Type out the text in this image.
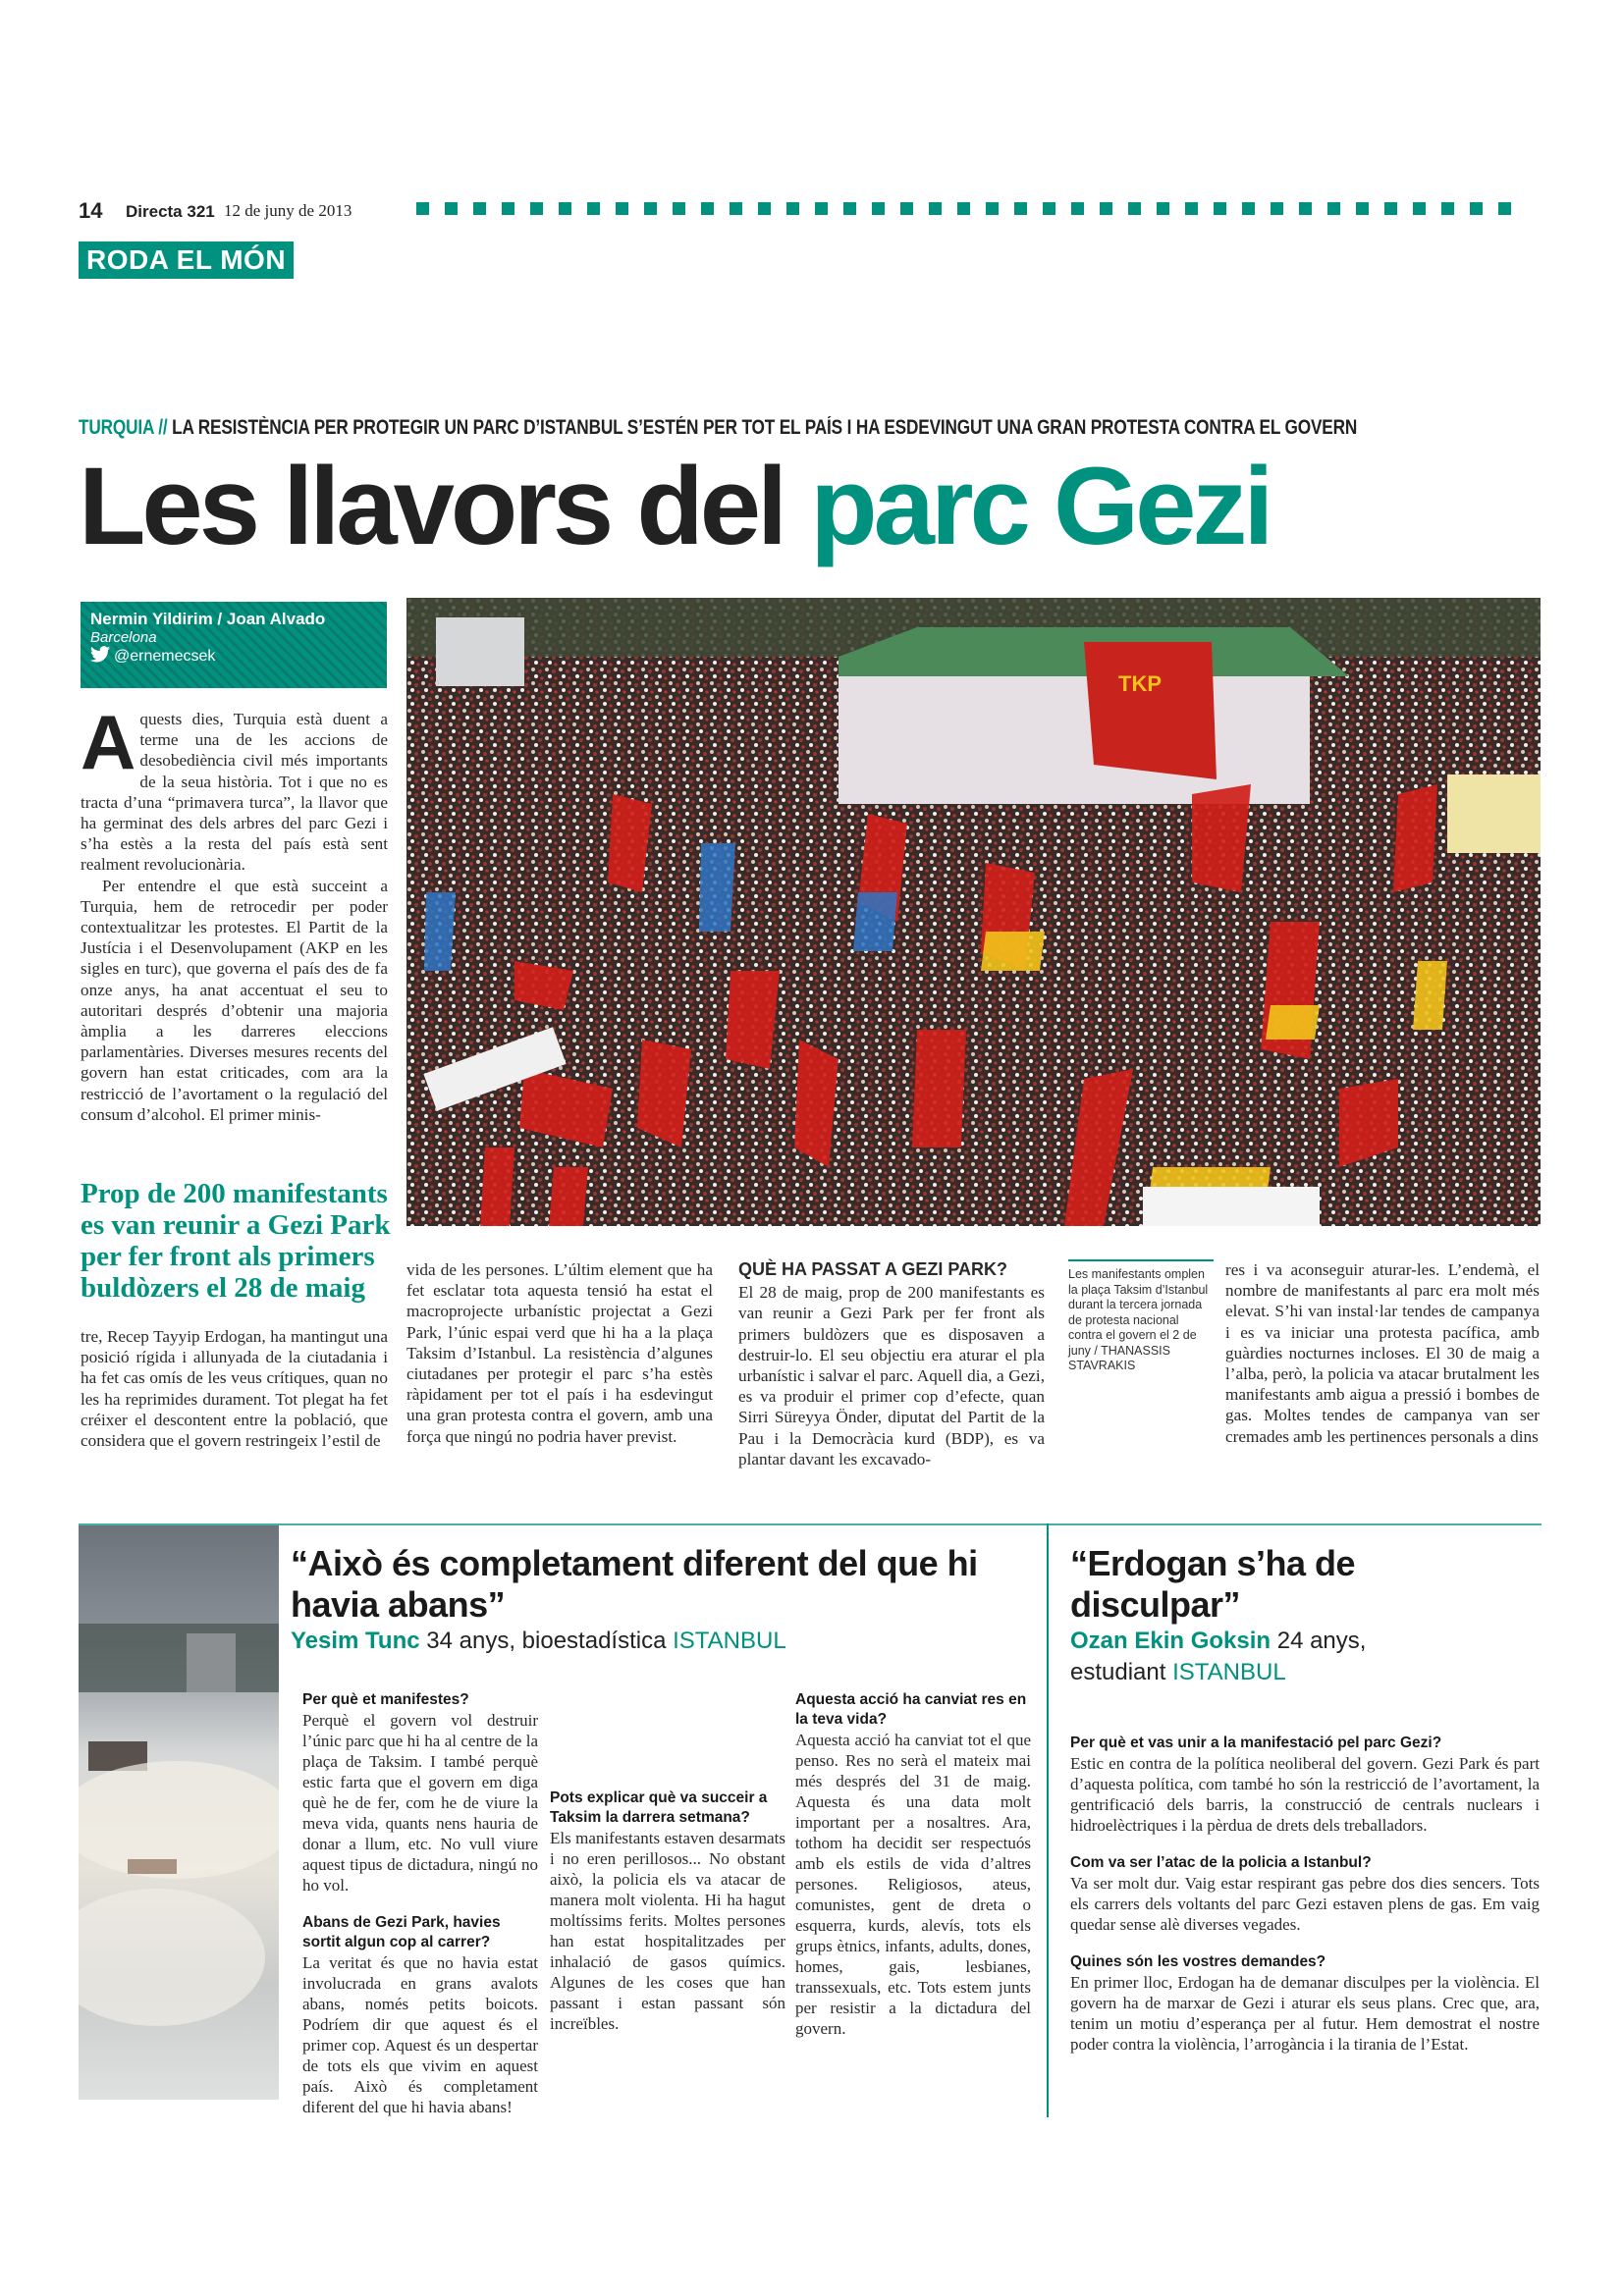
14 Directa 321 12 de juny de 2013
RODA EL MÓN
TURQUIA // LA RESISTÈNCIA PER PROTEGIR UN PARC D’ISTANBUL S’ESTÉN PER TOT EL PAÍS I HA ESDEVINGUT UNA GRAN PROTESTA CONTRA EL GOVERN
Les llavors del parc Gezi
Nermin Yildirim / Joan Alvado
Barcelona
@ernemecsek
Aquests dies, Turquia està duent a terme una de les accions de desobediència civil més importants de la seua història. Tot i que no es tracta d’una “primavera turca”, la llavor que ha germinat des dels arbres del parc Gezi i s’ha estès a la resta del país està sent realment revolucionària.
Per entendre el que està succeint a Turquia, hem de retrocedir per poder contextualitzar les protestes. El Partit de la Justícia i el Desenvolupament (AKP en les sigles en turc), que governa el país des de fa onze anys, ha anat accentuat el seu to autoritari després d’obtenir una majoria àmplia a les darreres eleccions parlamentàries. Diverses mesures recents del govern han estat criticades, com ara la restricció de l’avortament o la regulació del consum d’alcohol. El primer minis-
Prop de 200 manifestants es van reunir a Gezi Park per fer front als primers buldòzers el 28 de maig
tre, Recep Tayyip Erdogan, ha mantingut una posició rígida i allunyada de la ciutadania i ha fet cas omís de les veus crítiques, quan no les ha reprimides durament. Tot plegat ha fet créixer el descontent entre la població, que considera que el govern restringeix l’estil de
TKP
vida de les persones. L’últim element que ha fet esclatar tota aquesta tensió ha estat el macroprojecte urbanístic projectat a Gezi Park, l’únic espai verd que hi ha a la plaça Taksim d’Istanbul. La resistència d’algunes ciutadanes per protegir el parc s’ha estès ràpidament per tot el país i ha esdevingut una gran protesta contra el govern, amb una força que ningú no podria haver previst.
QUÈ HA PASSAT A GEZI PARK?
El 28 de maig, prop de 200 manifestants es van reunir a Gezi Park per fer front als primers buldòzers que es disposaven a destruir-lo. El seu objectiu era aturar el pla urbanístic i salvar el parc. Aquell dia, a Gezi, es va produir el primer cop d’efecte, quan Sirri Süreyya Önder, diputat del Partit de la Pau i la Democràcia kurd (BDP), es va plantar davant les excavado-
Les manifestants omplen la plaça Taksim d’Istanbul durant la tercera jornada de protesta nacional contra el govern el 2 de juny / THANASSIS STAVRAKIS
res i va aconseguir aturar-les. L’endemà, el nombre de manifestants al parc era molt més elevat. S’hi van instal·lar tendes de campanya i es va iniciar una protesta pacífica, amb guàrdies nocturnes incloses. El 30 de maig a l’alba, però, la policia va atacar brutalment les manifestants amb aigua a pressió i bombes de gas. Moltes tendes de campanya van ser cremades amb les pertinences personals a dins
“Això és completament diferent del que hi havia abans”
Yesim Tunc 34 anys, bioestadística ISTANBUL
Per què et manifestes?
Perquè el govern vol destruir l’únic parc que hi ha al centre de la plaça de Taksim. I també perquè estic farta que el govern em diga què he de fer, com he de viure la meva vida, quants nens hauria de donar a llum, etc. No vull viure aquest tipus de dictadura, ningú no ho vol.
Abans de Gezi Park, havies sortit algun cop al carrer?
La veritat és que no havia estat involucrada en grans avalots abans, només petits boicots. Podríem dir que aquest és el primer cop. Aquest és un despertar de tots els que vivim en aquest país. Això és completament diferent del que hi havia abans!
Pots explicar què va succeir a Taksim la darrera setmana?
Els manifestants estaven desarmats i no eren perillosos... No obstant això, la policia els va atacar de manera molt violenta. Hi ha hagut moltíssims ferits. Moltes persones han estat hospitalitzades per inhalació de gasos químics. Algunes de les coses que han passant i estan passant són increïbles.
Aquesta acció ha canviat res en la teva vida?
Aquesta acció ha canviat tot el que penso. Res no serà el mateix mai més després del 31 de maig. Aquesta és una data molt important per a nosaltres. Ara, tothom ha decidit ser respectuós amb els estils de vida d’altres persones. Religiosos, ateus, comunistes, gent de dreta o esquerra, kurds, alevís, tots els grups ètnics, infants, adults, dones, homes, gais, lesbianes, transsexuals, etc. Tots estem junts per resistir a la dictadura del govern.
“Erdogan s’ha de disculpar”
Ozan Ekin Goksin 24 anys, estudiant ISTANBUL
Per què et vas unir a la manifestació pel parc Gezi?
Estic en contra de la política neoliberal del govern. Gezi Park és part d’aquesta política, com també ho són la restricció de l’avortament, la gentrificació dels barris, la construcció de centrals nuclears i hidroelèctriques i la pèrdua de drets dels treballadors.
Com va ser l’atac de la policia a Istanbul?
Va ser molt dur. Vaig estar respirant gas pebre dos dies sencers. Tots els carrers dels voltants del parc Gezi estaven plens de gas. Em vaig quedar sense alè diverses vegades.
Quines són les vostres demandes?
En primer lloc, Erdogan ha de demanar disculpes per la violència. El govern ha de marxar de Gezi i aturar els seus plans. Crec que, ara, tenim un motiu d’esperança per al futur. Hem demostrat el nostre poder contra la violència, l’arrogància i la tirania de l’Estat.
